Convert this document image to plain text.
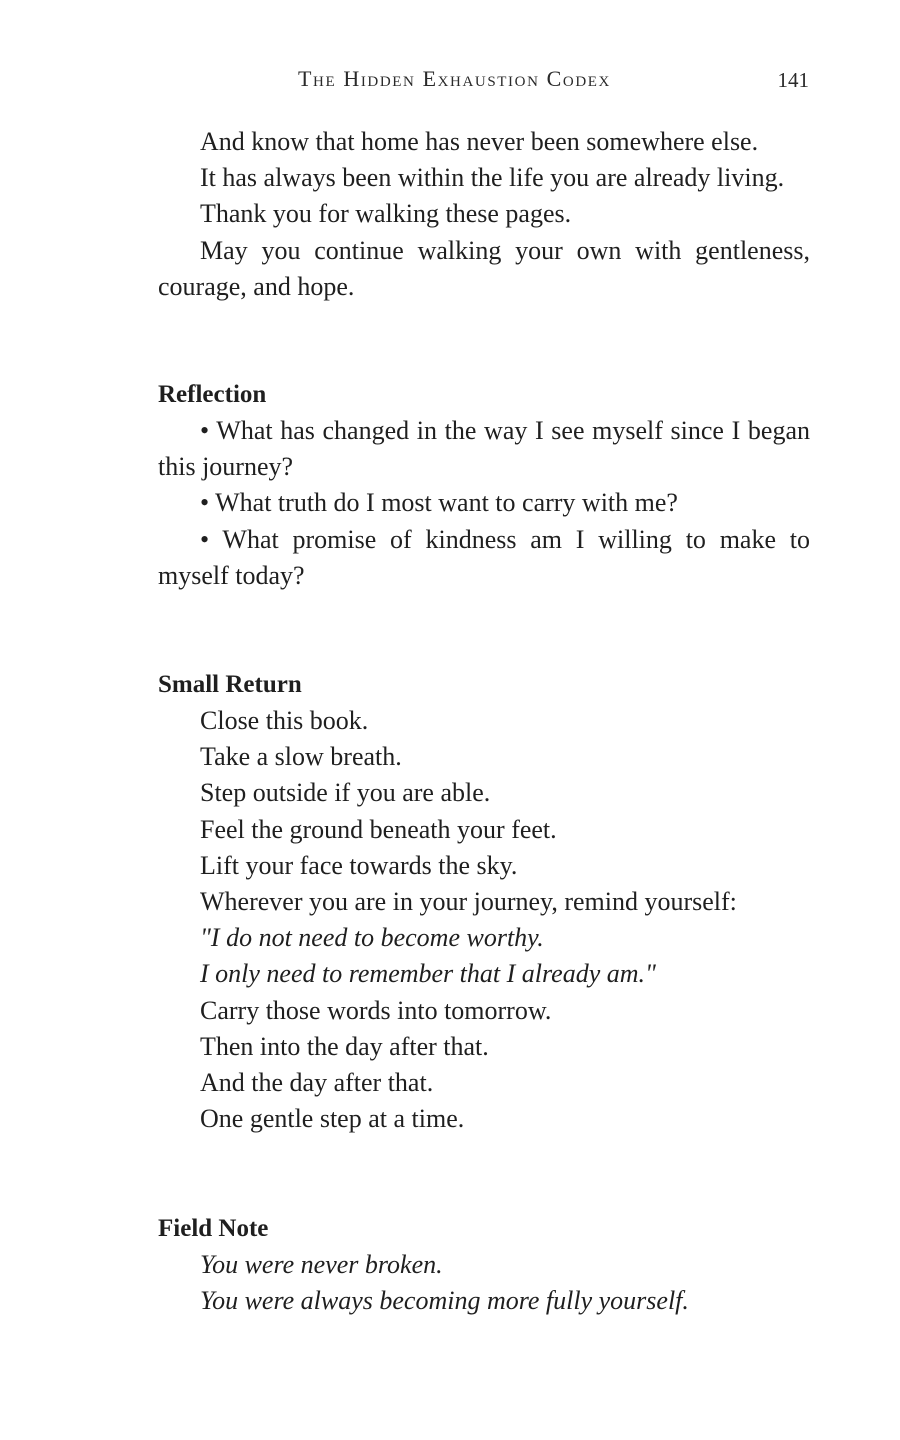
The Hidden Exhaustion Codex	141
And know that home has never been somewhere else.
It has always been within the life you are already living.
Thank you for walking these pages.
May you continue walking your own with gentleness, courage, and hope.
Reflection
• What has changed in the way I see myself since I began this journey?
• What truth do I most want to carry with me?
• What promise of kindness am I willing to make to myself today?
Small Return
Close this book.
Take a slow breath.
Step outside if you are able.
Feel the ground beneath your feet.
Lift your face towards the sky.
Wherever you are in your journey, remind yourself:
"I do not need to become worthy.
I only need to remember that I already am."
Carry those words into tomorrow.
Then into the day after that.
And the day after that.
One gentle step at a time.
Field Note
You were never broken.
You were always becoming more fully yourself.
